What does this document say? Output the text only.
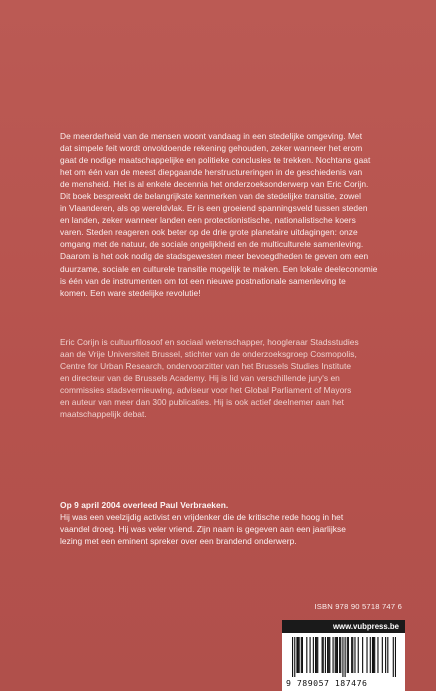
De meerderheid van de mensen woont vandaag in een stedelijke omgeving. Met
dat simpele feit wordt onvoldoende rekening gehouden, zeker wanneer het erom
gaat de nodige maatschappelijke en politieke conclusies te trekken. Nochtans gaat
het om één van de meest diepgaande herstructureringen in de geschiedenis van
de mensheid. Het is al enkele decennia het onderzoeksonderwerp van Eric Corijn.
Dit boek bespreekt de belangrijkste kenmerken van de stedelijke transitie, zowel
in Vlaanderen, als op wereldvlak. Er is een groeiend spanningsveld tussen steden
en landen, zeker wanneer landen een protectionistische, nationalistische koers
varen. Steden reageren ook beter op de drie grote planetaire uitdagingen: onze
omgang met de natuur, de sociale ongelijkheid en de multiculturele samenleving.
Daarom is het ook nodig de stadsgewesten meer bevoegdheden te geven om een
duurzame, sociale en culturele transitie mogelijk te maken. Een lokale deeleconomie
is één van de instrumenten om tot een nieuwe postnationale samenleving te
komen. Een ware stedelijke revolutie!
Eric Corijn is cultuurfilosoof en sociaal wetenschapper, hoogleraar Stadsstudies
aan de Vrije Universiteit Brussel, stichter van de onderzoeksgroep Cosmopolis,
Centre for Urban Research, ondervoorzitter van het Brussels Studies Institute
en directeur van de Brussels Academy. Hij is lid van verschillende jury's en
commissies stadsvernieuwing, adviseur voor het Global Parliament of Mayors
en auteur van meer dan 300 publicaties. Hij is ook actief deelnemer aan het
maatschappelijk debat.
Op 9 april 2004 overleed Paul Verbraeken.
Hij was een veelzijdig activist en vrijdenker die de kritische rede hoog in het
vaandel droeg. Hij was veler vriend. Zijn naam is gegeven aan een jaarlijkse
lezing met een eminent spreker over een brandend onderwerp.
ISBN 978 90 5718 747 6
www.vubpress.be
9 789057 187476
